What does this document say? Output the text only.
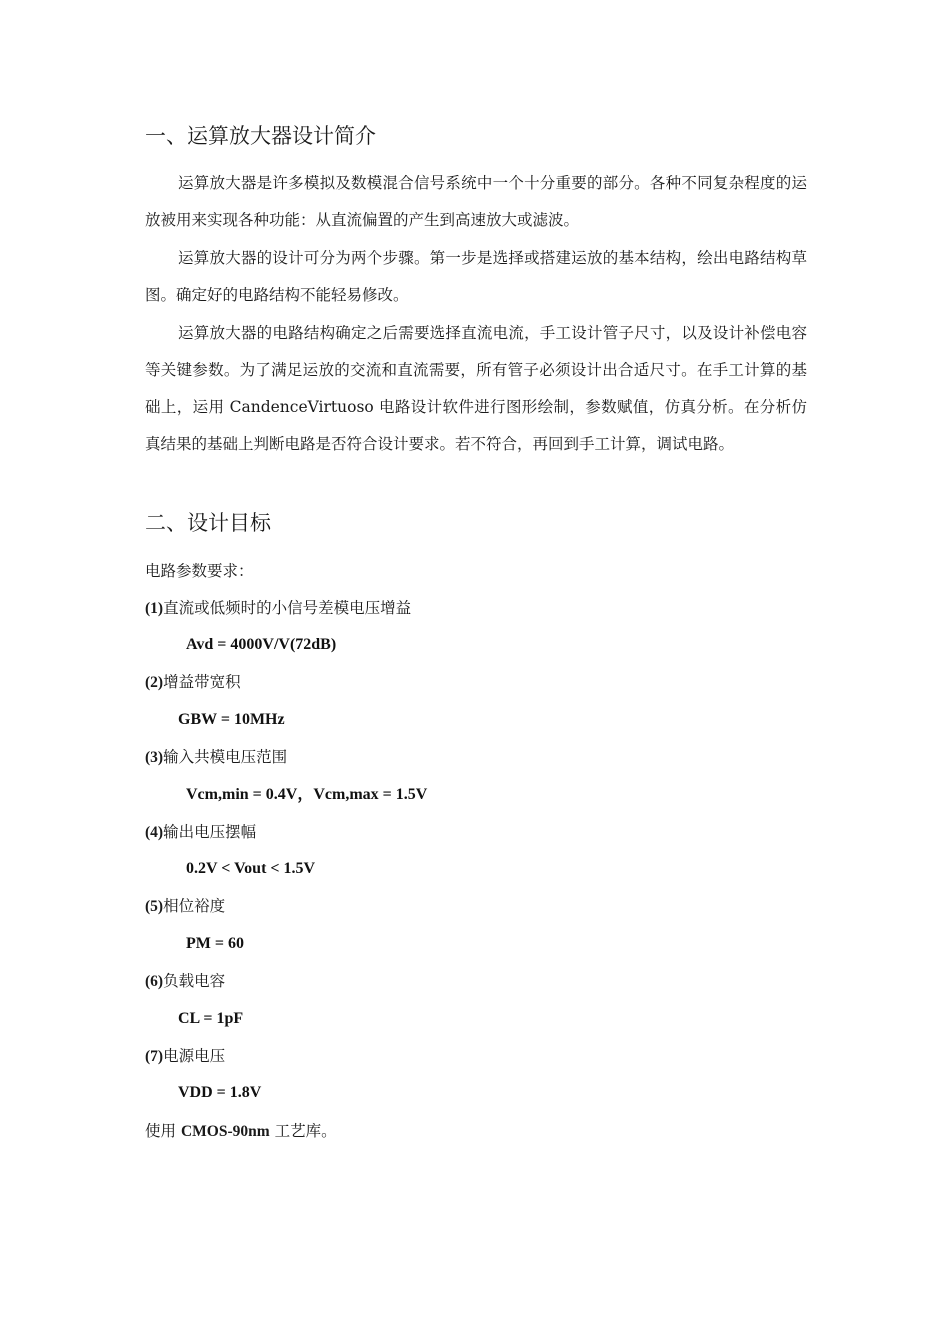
一、运算放大器设计简介

运算放大器是许多模拟及数模混合信号系统中一个十分重要的部分。各种不同复杂程度的运放被用来实现各种功能：从直流偏置的产生到高速放大或滤波。

运算放大器的设计可分为两个步骤。第一步是选择或搭建运放的基本结构，绘出电路结构草图。确定好的电路结构不能轻易修改。

运算放大器的电路结构确定之后需要选择直流电流，手工设计管子尺寸，以及设计补偿电容等关键参数。为了满足运放的交流和直流需要，所有管子必须设计出合适尺寸。在手工计算的基础上，运用 CandenceVirtuoso 电路设计软件进行图形绘制，参数赋值，仿真分析。在分析仿真结果的基础上判断电路是否符合设计要求。若不符合，再回到手工计算，调试电路。

二、设计目标
电路参数要求：
(1)直流或低频时的小信号差模电压增益
Avd = 4000V/V(72dB)
(2)增益带宽积
GBW = 10MHz
(3)输入共模电压范围
Vcm,min = 0.4V，Vcm,max = 1.5V
(4)输出电压摆幅
0.2V < Vout < 1.5V
(5)相位裕度
PM = 60
(6)负载电容
CL = 1pF
(7)电源电压
VDD = 1.8V
使用 CMOS-90nm 工艺库。
